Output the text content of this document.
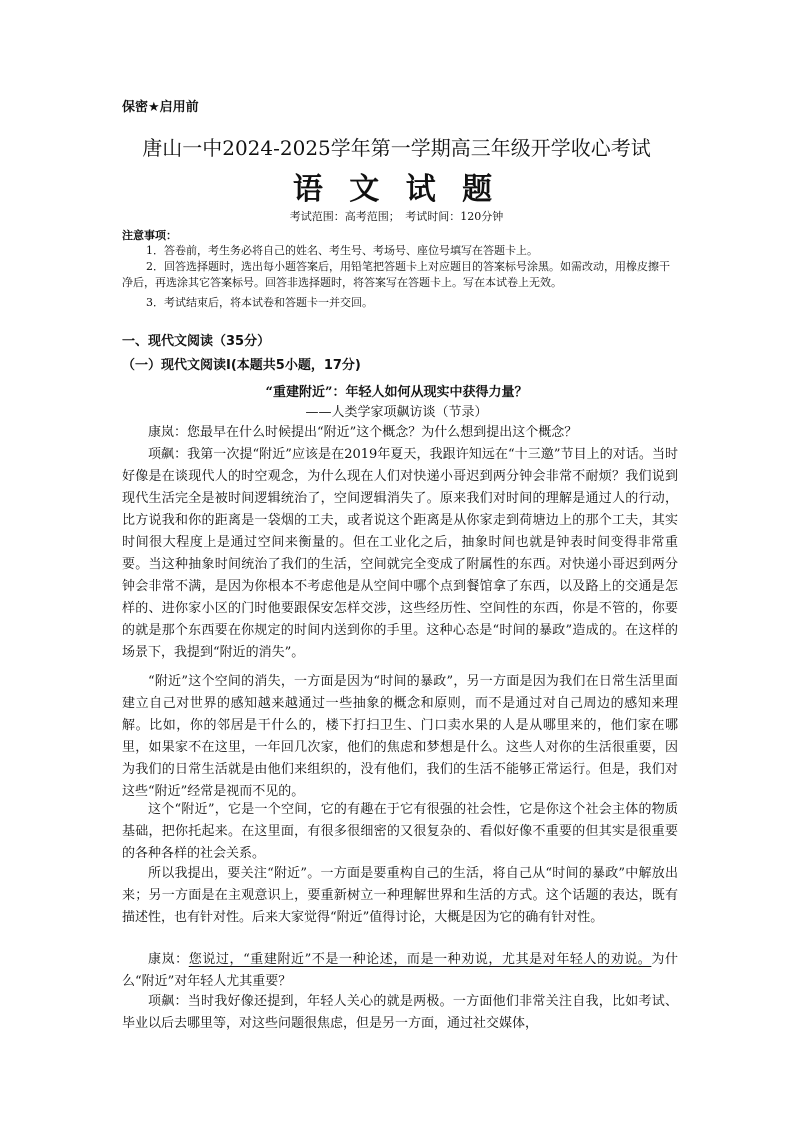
保密★启用前
唐山一中2024-2025学年第一学期高三年级开学收心考试
语 文 试 题
考试范围：高考范围；　考试时间：120分钟
注意事项：
1．答卷前，考生务必将自己的姓名、考生号、考场号、座位号填写在答题卡上。
2．回答选择题时，选出每小题答案后，用铅笔把答题卡上对应题目的答案标号涂黑。如需改动，用橡皮擦干净后，再选涂其它答案标号。回答非选择题时，将答案写在答题卡上。写在本试卷上无效。
3．考试结束后，将本试卷和答题卡一并交回。
一、现代文阅读（35分）
（一）现代文阅读Ⅰ(本题共5小题，17分)
“重建附近”：年轻人如何从现实中获得力量？
——人类学家项飙访谈（节录）
康岚：您最早在什么时候提出“附近”这个概念？为什么想到提出这个概念？
项飙：我第一次提“附近”应该是在2019年夏天，我跟许知远在“十三邀”节目上的对话。当时好像是在谈现代人的时空观念，为什么现在人们对快递小哥迟到两分钟会非常不耐烦？我们说到现代生活完全是被时间逻辑统治了，空间逻辑消失了。原来我们对时间的理解是通过人的行动，比方说我和你的距离是一袋烟的工夫，或者说这个距离是从你家走到荷塘边上的那个工夫，其实时间很大程度上是通过空间来衡量的。但在工业化之后，抽象时间也就是钟表时间变得非常重要。当这种抽象时间统治了我们的生活，空间就完全变成了附属性的东西。对快递小哥迟到两分钟会非常不满，是因为你根本不考虑他是从空间中哪个点到餐馆拿了东西，以及路上的交通是怎样的、进你家小区的门时他要跟保安怎样交涉，这些经历性、空间性的东西，你是不管的，你要的就是那个东西要在你规定的时间内送到你的手里。这种心态是“时间的暴政”造成的。在这样的场景下，我提到“附近的消失”。
“附近”这个空间的消失，一方面是因为“时间的暴政”，另一方面是因为我们在日常生活里面建立自己对世界的感知越来越通过一些抽象的概念和原则，而不是通过对自己周边的感知来理解。比如，你的邻居是干什么的，楼下打扫卫生、门口卖水果的人是从哪里来的，他们家在哪里，如果家不在这里，一年回几次家，他们的焦虑和梦想是什么。这些人对你的生活很重要，因为我们的日常生活就是由他们来组织的，没有他们，我们的生活不能够正常运行。但是，我们对这些“附近”经常是视而不见的。
这个“附近”，它是一个空间，它的有趣在于它有很强的社会性，它是你这个社会主体的物质基础，把你托起来。在这里面，有很多很细密的又很复杂的、看似好像不重要的但其实是很重要的各种各样的社会关系。
所以我提出，要关注“附近”。一方面是要重构自己的生活，将自己从“时间的暴政”中解放出来；另一方面是在主观意识上，要重新树立一种理解世界和生活的方式。这个话题的表达，既有描述性，也有针对性。后来大家觉得“附近”值得讨论，大概是因为它的确有针对性。
康岚：您说过，“重建附近”不是一种论述，而是一种劝说，尤其是对年轻人的劝说。为什么“附近”对年轻人尤其重要？
项飙：当时我好像还提到，年轻人关心的就是两极。一方面他们非常关注自我，比如考试、毕业以后去哪里等，对这些问题很焦虑，但是另一方面，通过社交媒体，
